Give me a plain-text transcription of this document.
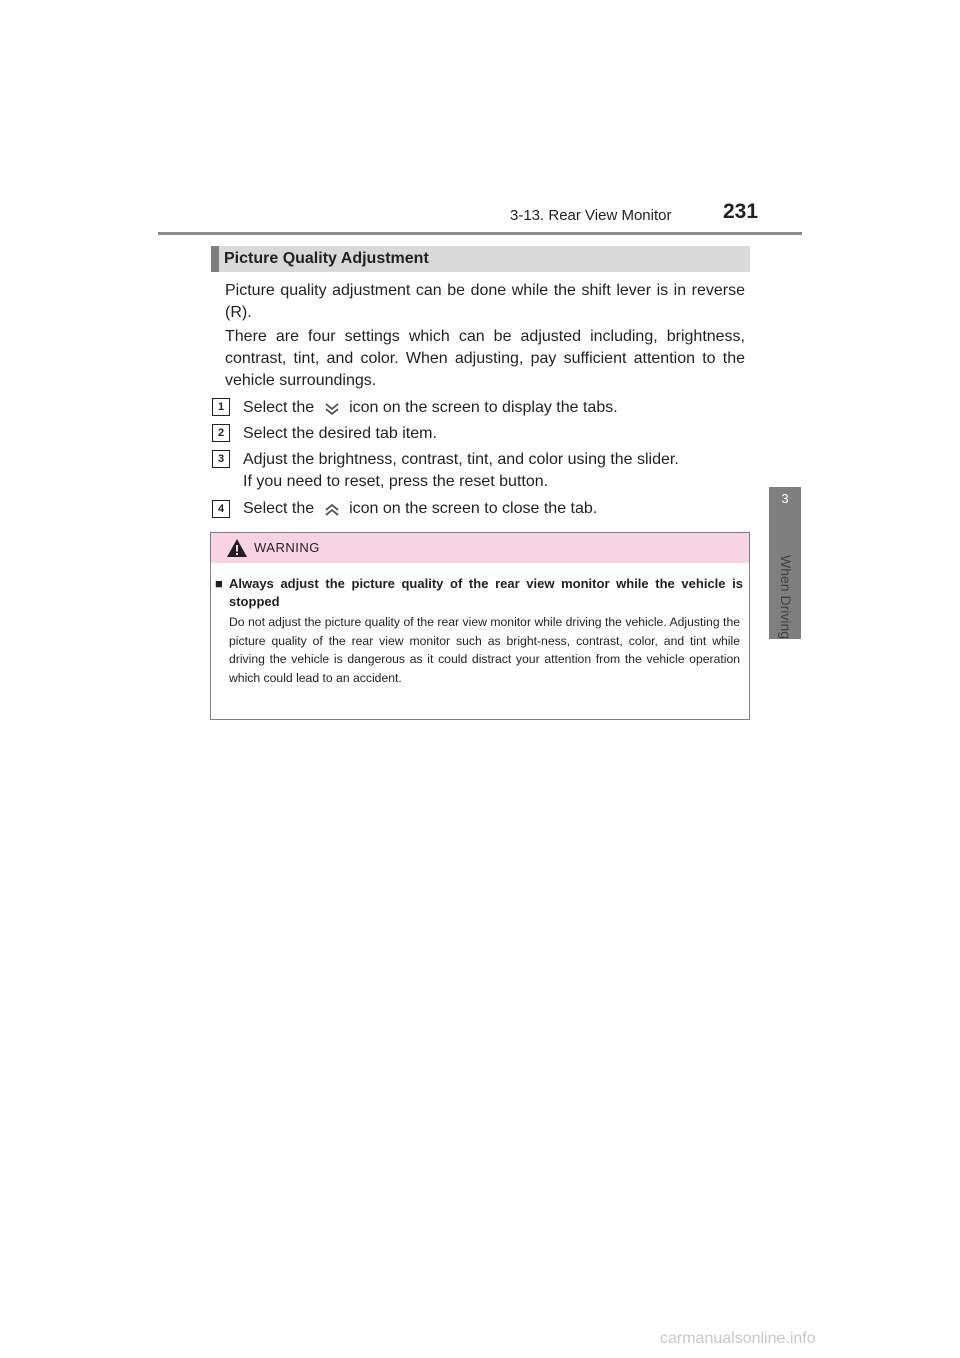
3-13. Rear View Monitor 231
3
When Driving
Picture Quality Adjustment
Picture quality adjustment can be done while the shift lever is in reverse (R).
There are four settings which can be adjusted including, brightness, contrast, tint, and color. When adjusting, pay sufficient attention to the vehicle surroundings.
1	Select the icon on the screen to display the tabs.
2	Select the desired tab item.
3	Adjust the brightness, contrast, tint, and color using the slider.
If you need to reset, press the reset button.
4	Select the icon on the screen to close the tab.
WARNING
■ Always adjust the picture quality of the rear view monitor while the vehicle is stopped
Do not adjust the picture quality of the rear view monitor while driving the vehicle. Adjusting the picture quality of the rear view monitor such as bright-ness, contrast, color, and tint while driving the vehicle is dangerous as it could distract your attention from the vehicle operation which could lead to an accident.
carmanualsonline.info
